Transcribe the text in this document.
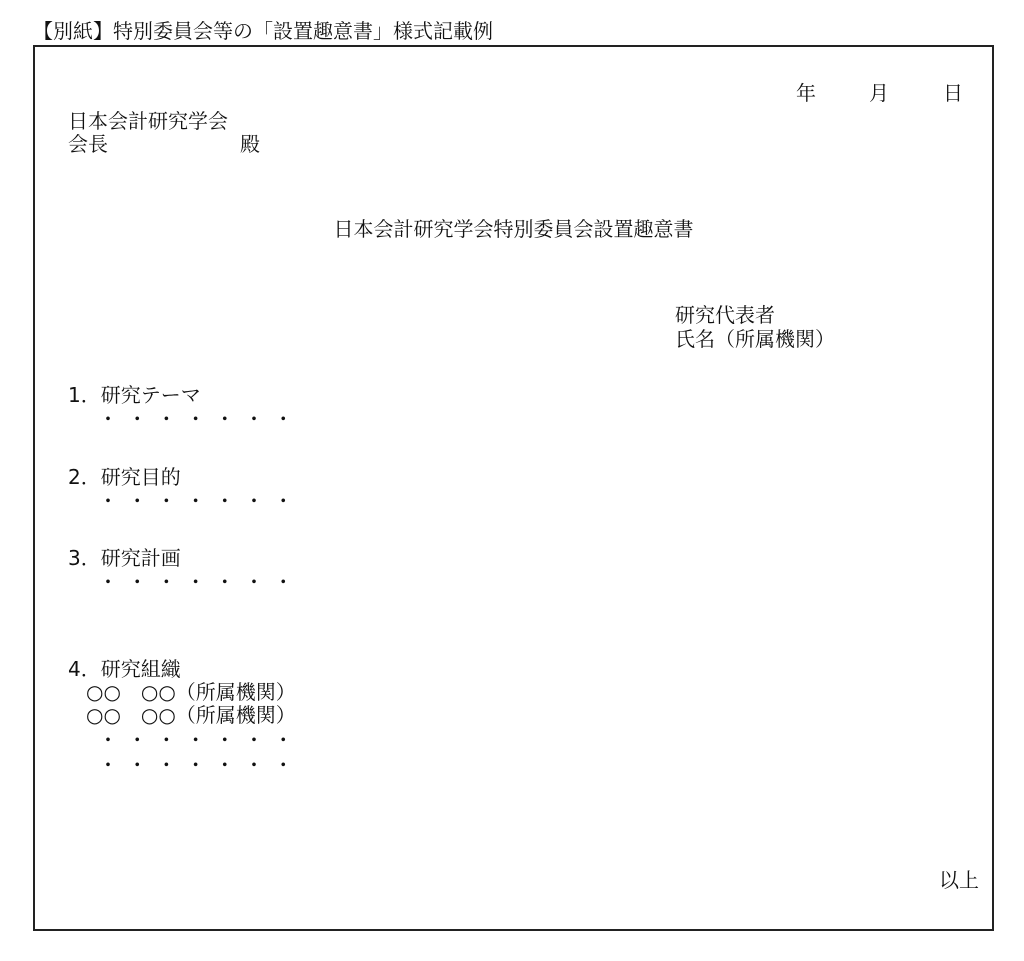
【別紙】特別委員会等の「設置趣意書」様式記載例
年	月	日
日本会計研究学会
会長	殿
日本会計研究学会特別委員会設置趣意書
研究代表者
氏名（所属機関）
1．研究テーマ
・・・・・・・
2．研究目的
・・・・・・・
3．研究計画
・・・・・・・
4．研究組織
○○　○○（所属機関）
○○　○○（所属機関）
・・・・・・・
・・・・・・・
以上
